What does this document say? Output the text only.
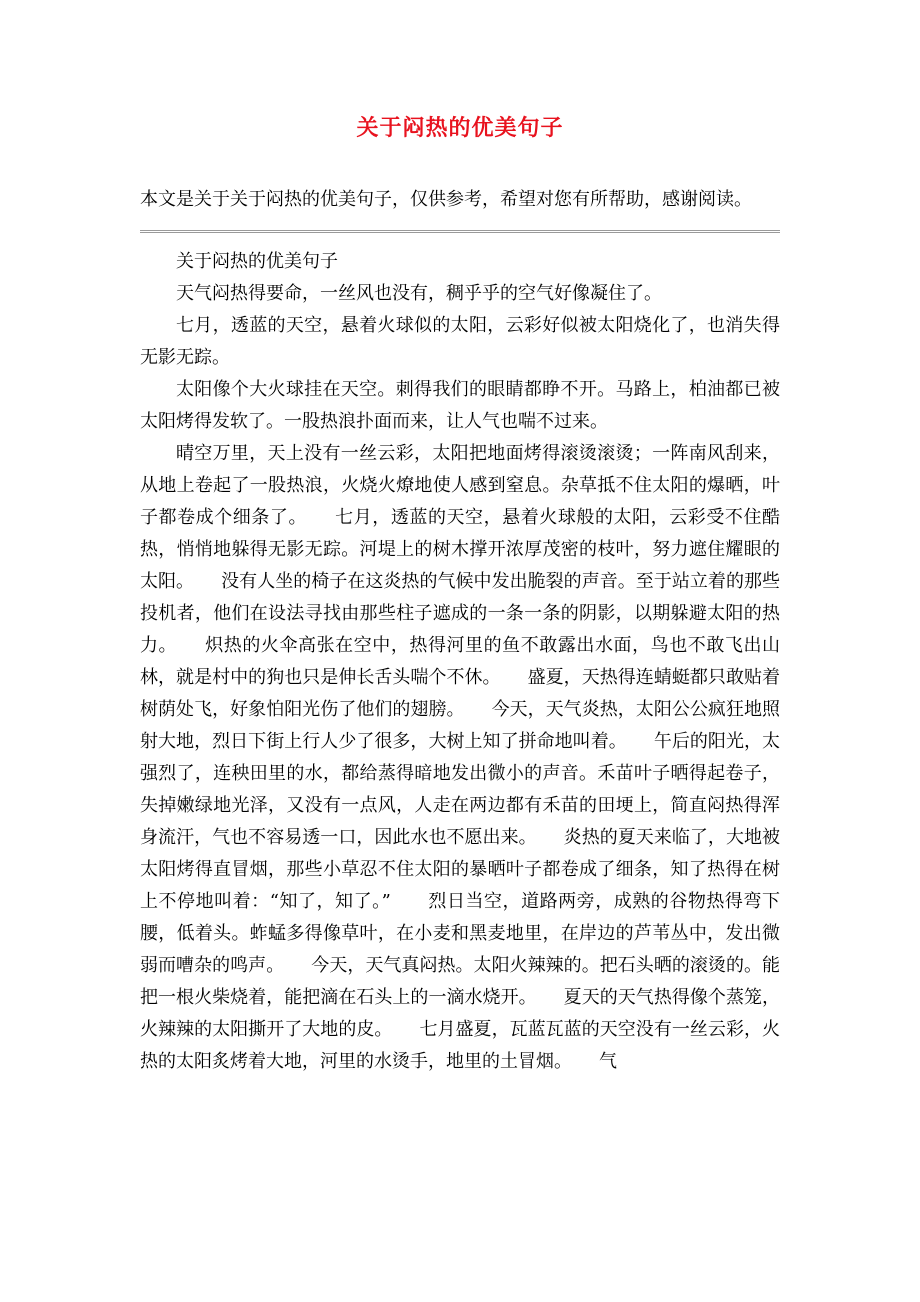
关于闷热的优美句子
本文是关于关于闷热的优美句子，仅供参考，希望对您有所帮助，感谢阅读。

关于闷热的优美句子

天气闷热得要命，一丝风也没有，稠乎乎的空气好像凝住了。

七月，透蓝的天空，悬着火球似的太阳，云彩好似被太阳烧化了，也消失得无影无踪。

太阳像个大火球挂在天空。刺得我们的眼睛都睁不开。马路上，柏油都已被太阳烤得发软了。一股热浪扑面而来，让人气也喘不过来。

晴空万里，天上没有一丝云彩，太阳把地面烤得滚烫滚烫；一阵南风刮来，从地上卷起了一股热浪，火烧火燎地使人感到窒息。杂草抵不住太阳的爆晒，叶子都卷成个细条了。　　七月，透蓝的天空，悬着火球般的太阳，云彩受不住酷热，悄悄地躲得无影无踪。河堤上的树木撑开浓厚茂密的枝叶，努力遮住耀眼的太阳。　　没有人坐的椅子在这炎热的气候中发出脆裂的声音。至于站立着的那些投机者，他们在设法寻找由那些柱子遮成的一条一条的阴影，以期躲避太阳的热力。　　炽热的火伞高张在空中，热得河里的鱼不敢露出水面，鸟也不敢飞出山林，就是村中的狗也只是伸长舌头喘个不休。　　盛夏，天热得连蜻蜓都只敢贴着树荫处飞，好象怕阳光伤了他们的翅膀。　　今天，天气炎热，太阳公公疯狂地照射大地，烈日下街上行人少了很多，大树上知了拼命地叫着。　　午后的阳光，太强烈了，连秧田里的水，都给蒸得暗地发出微小的声音。禾苗叶子晒得起卷子，失掉嫩绿地光泽，又没有一点风，人走在两边都有禾苗的田埂上，简直闷热得浑身流汗，气也不容易透一口，因此水也不愿出来。　　炎热的夏天来临了，大地被太阳烤得直冒烟，那些小草忍不住太阳的暴晒叶子都卷成了细条，知了热得在树上不停地叫着：“知了，知了。”　　烈日当空，道路两旁，成熟的谷物热得弯下腰，低着头。蚱蜢多得像草叶，在小麦和黑麦地里，在岸边的芦苇丛中，发出微弱而嘈杂的鸣声。　　今天，天气真闷热。太阳火辣辣的。把石头晒的滚烫的。能把一根火柴烧着，能把滴在石头上的一滴水烧开。　　夏天的天气热得像个蒸笼，火辣辣的太阳撕开了大地的皮。　　七月盛夏，瓦蓝瓦蓝的天空没有一丝云彩，火热的太阳炙烤着大地，河里的水烫手，地里的土冒烟。　　气
